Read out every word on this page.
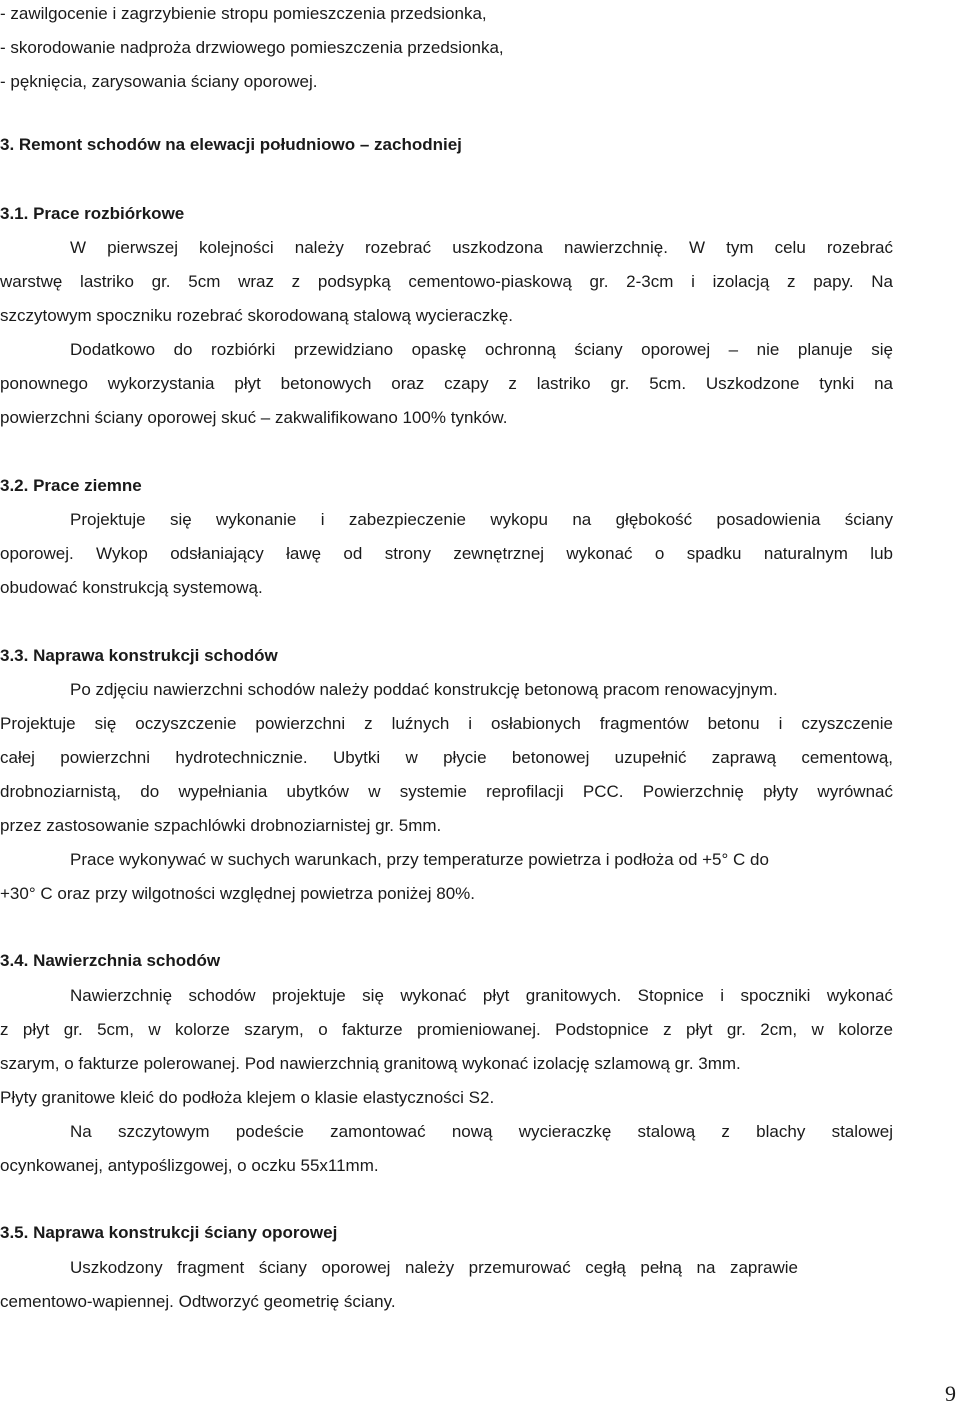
- zawilgocenie i zagrzybienie stropu pomieszczenia przedsionka,
- skorodowanie nadproża drzwiowego pomieszczenia przedsionka,
- pęknięcia, zarysowania ściany oporowej.
3. Remont schodów na elewacji południowo – zachodniej
3.1. Prace rozbiórkowe
W pierwszej kolejności należy rozebrać uszkodzona nawierzchnię. W tym celu rozebrać
warstwę lastriko gr. 5cm wraz z podsypką cementowo-piaskową gr. 2-3cm i izolacją z papy. Na
szczytowym spoczniku rozebrać skorodowaną stalową wycieraczkę.
Dodatkowo do rozbiórki przewidziano opaskę ochronną ściany oporowej – nie planuje się
ponownego wykorzystania płyt betonowych oraz czapy z lastriko gr. 5cm. Uszkodzone tynki na
powierzchni ściany oporowej skuć – zakwalifikowano 100% tynków.
3.2. Prace ziemne
Projektuje się wykonanie i zabezpieczenie wykopu na głębokość posadowienia ściany
oporowej. Wykop odsłaniający ławę od strony zewnętrznej wykonać o spadku naturalnym lub
obudować konstrukcją systemową.
3.3. Naprawa konstrukcji schodów
Po zdjęciu nawierzchni schodów należy poddać konstrukcję betonową pracom renowacyjnym.
Projektuje się oczyszczenie powierzchni z luźnych i osłabionych fragmentów betonu i czyszczenie
całej powierzchni hydrotechnicznie. Ubytki w płycie betonowej uzupełnić zaprawą cementową,
drobnoziarnistą, do wypełniania ubytków w systemie reprofilacji PCC. Powierzchnię płyty wyrównać
przez zastosowanie szpachlówki drobnoziarnistej gr. 5mm.
Prace wykonywać w suchych warunkach, przy temperaturze powietrza i podłoża od +5° C do
+30° C oraz przy wilgotności względnej powietrza poniżej 80%.
3.4. Nawierzchnia schodów
Nawierzchnię schodów projektuje się wykonać płyt granitowych. Stopnice i spoczniki wykonać
z płyt gr. 5cm, w kolorze szarym, o fakturze promieniowanej. Podstopnice z płyt gr. 2cm, w kolorze
szarym, o fakturze polerowanej. Pod nawierzchnią granitową wykonać izolację szlamową gr. 3mm.
Płyty granitowe kleić do podłoża klejem o klasie elastyczności S2.
Na szczytowym podeście zamontować nową wycieraczkę stalową z blachy stalowej
ocynkowanej, antypoślizgowej, o oczku 55x11mm.
3.5. Naprawa konstrukcji ściany oporowej
Uszkodzony fragment ściany oporowej należy przemurować cegłą pełną na zaprawie
cementowo-wapiennej. Odtworzyć geometrię ściany.
9
